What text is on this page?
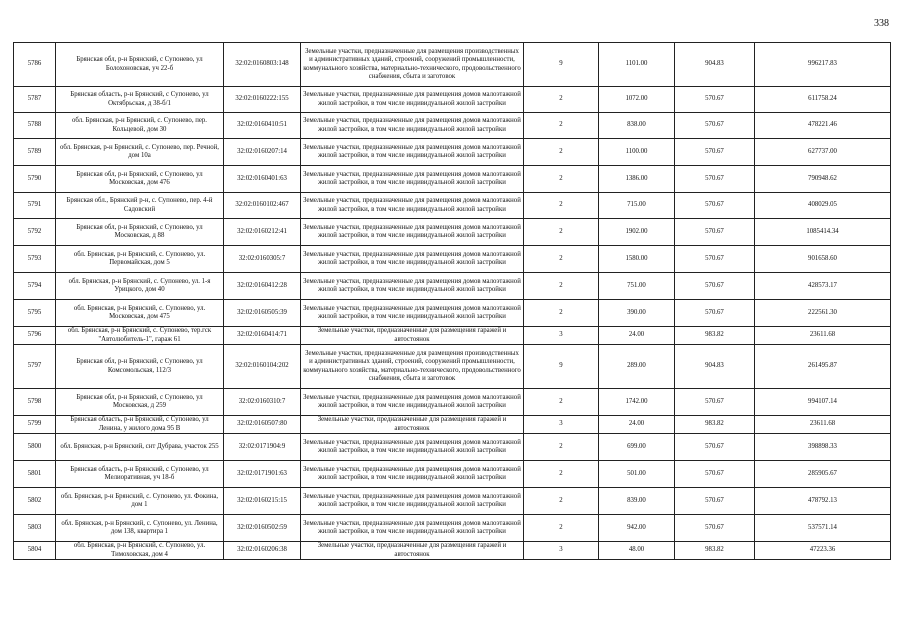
338
5786	Брянская обл, р-н Брянский, с Супонево, ул Болохоновская, уч 22-б	32:02:0160803:148	Земельные участки, предназначенные для размещения производственных и административных зданий, строений, сооружений промышленности, коммунального хозяйства, материально-технического, продовольственного снабжения, сбыта и заготовок	9	1101.00	904.83	996217.83
5787	Брянская область, р-н Брянский, с Супонево, ул Октябрьская, д 38-б/1	32:02:0160222:155	Земельные участки, предназначенные для размещения домов малоэтажной жилой застройки, в том числе индивидуальной жилой застройки	2	1072.00	570.67	611758.24
5788	обл. Брянская, р-н Брянский, с. Супонево, пер. Кольцевой, дом 30	32:02:0160410:51	Земельные участки, предназначенные для размещения домов малоэтажной жилой застройки, в том числе индивидуальной жилой застройки	2	838.00	570.67	478221.46
5789	обл. Брянская, р-н Брянский, с. Супонево, пер. Речной, дом 10а	32:02:0160207:14	Земельные участки, предназначенные для размещения домов малоэтажной жилой застройки, в том числе индивидуальной жилой застройки	2	1100.00	570.67	627737.00
5790	Брянская обл, р-н Брянский, с Супонево, ул Московская, дом 476	32:02:0160401:63	Земельные участки, предназначенные для размещения домов малоэтажной жилой застройки, в том числе индивидуальной жилой застройки	2	1386.00	570.67	790948.62
5791	Брянская обл., Брянский р-н, с. Супонево, пер. 4-й Садовский	32:02:0160102:467	Земельные участки, предназначенные для размещения домов малоэтажной жилой застройки, в том числе индивидуальной жилой застройки	2	715.00	570.67	408029.05
5792	Брянская обл, р-н Брянский, с Супонево, ул Московская, д 88	32:02:0160212:41	Земельные участки, предназначенные для размещения домов малоэтажной жилой застройки, в том числе индивидуальной жилой застройки	2	1902.00	570.67	1085414.34
5793	обл. Брянская, р-н Брянский, с. Супонево, ул. Первомайская, дом 5	32:02:0160305:7	Земельные участки, предназначенные для размещения домов малоэтажной жилой застройки, в том числе индивидуальной жилой застройки	2	1580.00	570.67	901658.60
5794	обл. Брянская, р-н Брянский, с. Супонево, ул. 1-я Урицкого, дом 40	32:02:0160412:28	Земельные участки, предназначенные для размещения домов малоэтажной жилой застройки, в том числе индивидуальной жилой застройки	2	751.00	570.67	428573.17
5795	обл. Брянская, р-н Брянский, с. Супонево, ул. Московская, дом 475	32:02:0160505:39	Земельные участки, предназначенные для размещения домов малоэтажной жилой застройки, в том числе индивидуальной жилой застройки	2	390.00	570.67	222561.30
5796	обл. Брянская, р-н Брянский, с. Супонево, тер.гск "Автолюбитель-1", гараж 61	32:02:0160414:71	Земельные участки, предназначенные для размещения гаражей и автостоянок	3	24.00	983.82	23611.68
5797	Брянская обл, р-н Брянский, с Супонево, ул Комсомольская, 112/3	32:02:0160104:202	Земельные участки, предназначенные для размещения производственных и административных зданий, строений, сооружений промышленности, коммунального хозяйства, материально-технического, продовольственного снабжения, сбыта и заготовок	9	289.00	904.83	261495.87
5798	Брянская обл, р-н Брянский, с Супонево, ул Московская, д 259	32:02:0160310:7	Земельные участки, предназначенные для размещения домов малоэтажной жилой застройки, в том числе индивидуальной жилой застройки	2	1742.00	570.67	994107.14
5799	Брянская область, р-н Брянский, с Супонево, ул Ленина, у жилого дома 95 В	32:02:0160507:80	Земельные участки, предназначенные для размещения гаражей и автостоянок	3	24.00	983.82	23611.68
5800	обл. Брянская, р-н Брянский, снт Дубрава, участок 255	32:02:0171904:9	Земельные участки, предназначенные для размещения домов малоэтажной жилой застройки, в том числе индивидуальной жилой застройки	2	699.00	570.67	398898.33
5801	Брянская область, р-н Брянский, с Супонево, ул Мелиоративная, уч 18-б	32:02:0171901:63	Земельные участки, предназначенные для размещения домов малоэтажной жилой застройки, в том числе индивидуальной жилой застройки	2	501.00	570.67	285905.67
5802	обл. Брянская, р-н Брянский, с. Супонево, ул. Фокина, дом 1	32:02:0160215:15	Земельные участки, предназначенные для размещения домов малоэтажной жилой застройки, в том числе индивидуальной жилой застройки	2	839.00	570.67	478792.13
5803	обл. Брянская, р-н Брянский, с. Супонево, ул. Ленина, дом 138, квартира 1	32:02:0160502:59	Земельные участки, предназначенные для размещения домов малоэтажной жилой застройки, в том числе индивидуальной жилой застройки	2	942.00	570.67	537571.14
5804	обл. Брянская, р-н Брянский, с. Супонево, ул. Тимоховская, дом 4	32:02:0160206:38	Земельные участки, предназначенные для размещения гаражей и автостоянок	3	48.00	983.82	47223.36
